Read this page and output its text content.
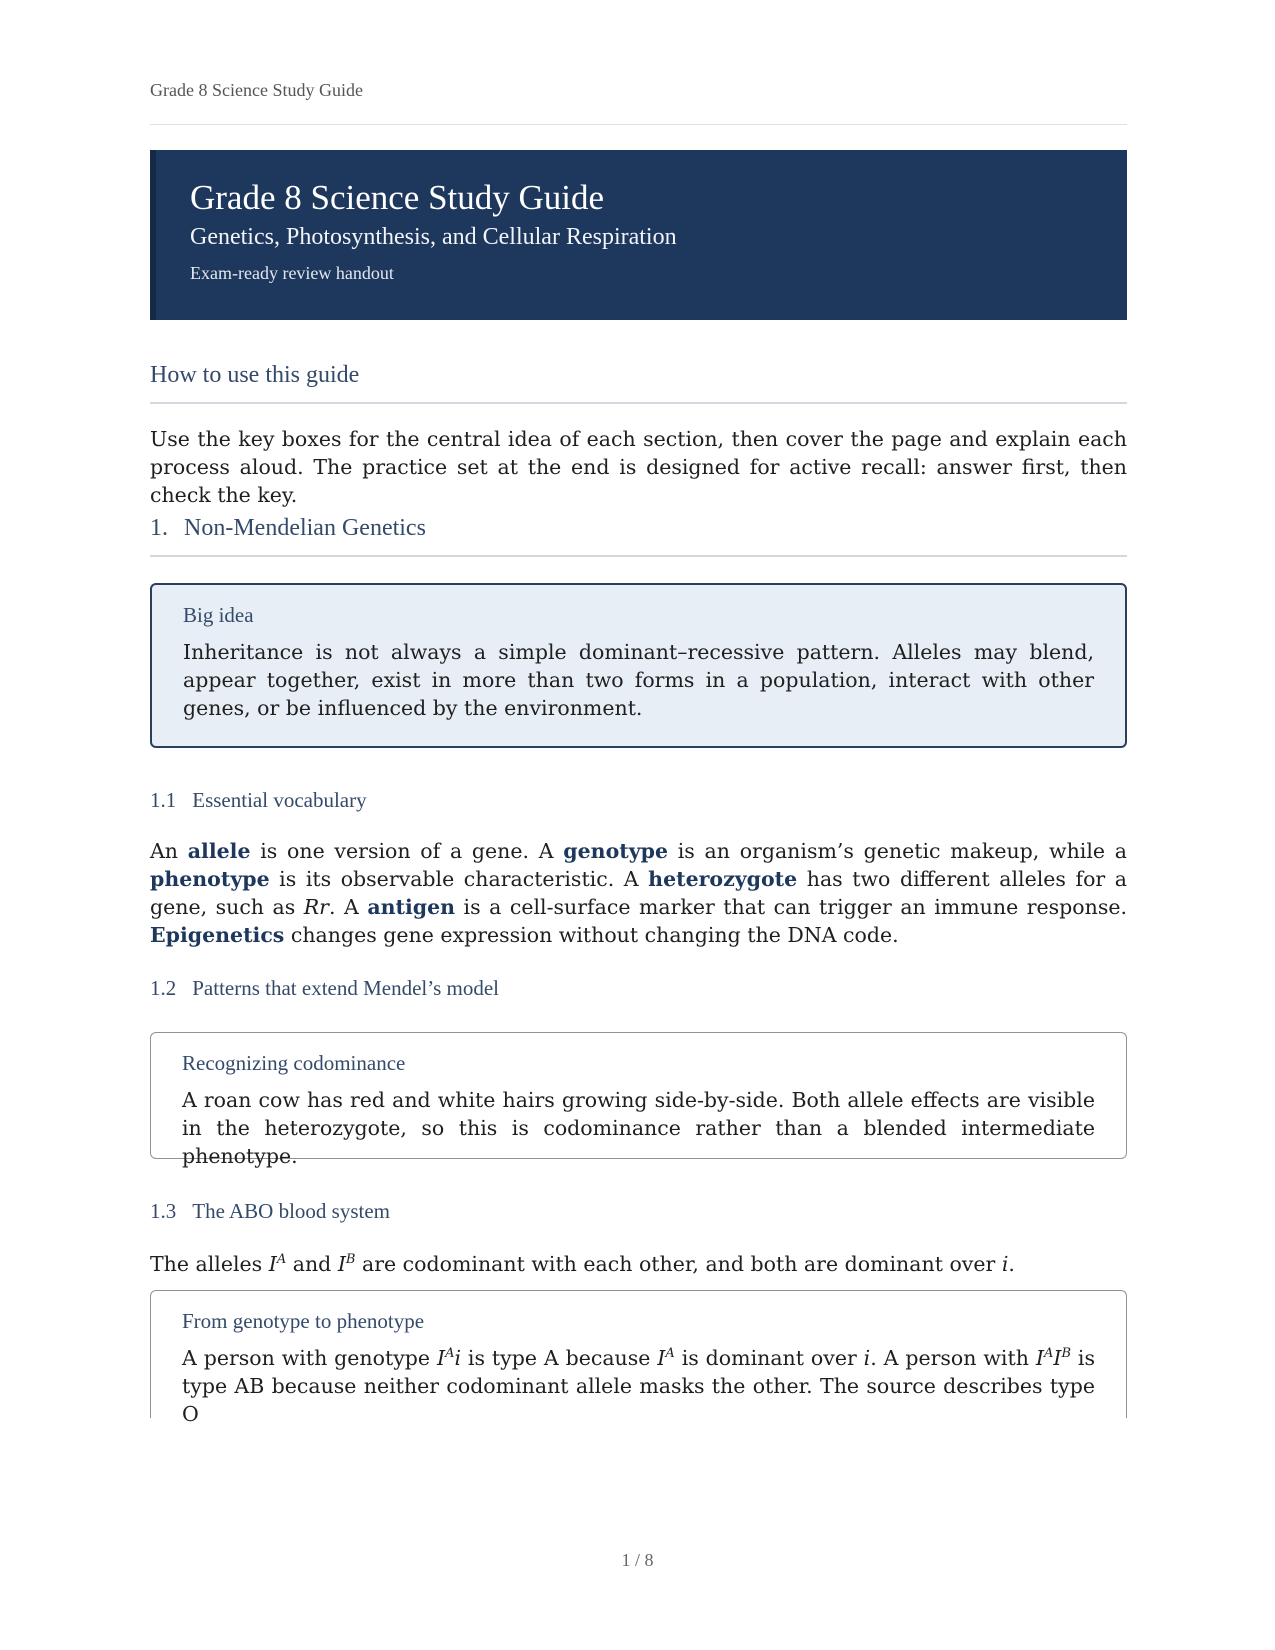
Grade 8 Science Study Guide
Grade 8 Science Study Guide
Genetics, Photosynthesis, and Cellular Respiration
Exam-ready review handout
How to use this guide
Use the key boxes for the central idea of each section, then cover the page and explain each process aloud. The practice set at the end is designed for active recall: answer first, then check the key.
1. Non-Mendelian Genetics
Big idea
Inheritance is not always a simple dominant–recessive pattern. Alleles may blend, appear together, exist in more than two forms in a population, interact with other genes, or be influenced by the environment.
1.1 Essential vocabulary
An allele is one version of a gene. A genotype is an organism’s genetic makeup, while a phenotype is its observable characteristic. A heterozygote has two different alleles for a gene, such as Rr. A antigen is a cell-surface marker that can trigger an immune response. Epigenetics changes gene expression without changing the DNA code.
1.2 Patterns that extend Mendel’s model
Recognizing codominance
A roan cow has red and white hairs growing side-by-side. Both allele effects are visible in the heterozygote, so this is codominance rather than a blended intermediate phenotype.
1.3 The ABO blood system
The alleles $I^A$ and $I^B$ are codominant with each other, and both are dominant over i.
From genotype to phenotype
A person with genotype $I^Ai$ is type A because $I^A$ is dominant over i. A person with $I^AI^B$ is type AB because neither codominant allele masks the other. The source describes type O
1 / 8
